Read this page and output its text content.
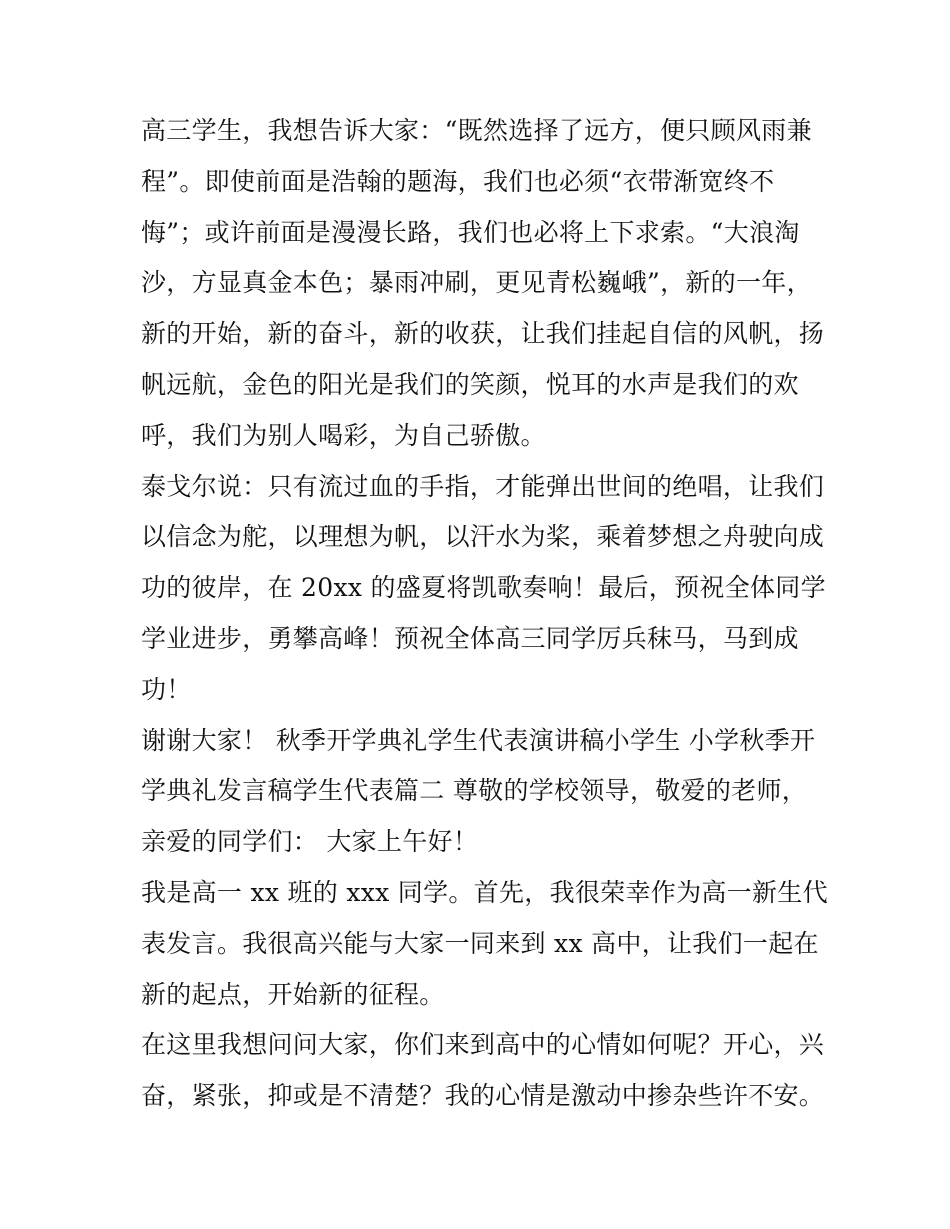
高三学生，我想告诉大家：“既然选择了远方，便只顾风雨兼
程”。即使前面是浩翰的题海，我们也必须“衣带渐宽终不
悔”；或许前面是漫漫长路，我们也必将上下求索。“大浪淘
沙，方显真金本色；暴雨冲刷，更见青松巍峨”，新的一年，
新的开始，新的奋斗，新的收获，让我们挂起自信的风帆，扬
帆远航，金色的阳光是我们的笑颜，悦耳的水声是我们的欢
呼，我们为别人喝彩，为自己骄傲。
泰戈尔说：只有流过血的手指，才能弹出世间的绝唱，让我们
以信念为舵，以理想为帆，以汗水为桨，乘着梦想之舟驶向成
功的彼岸，在 20xx 的盛夏将凯歌奏响！最后，预祝全体同学
学业进步，勇攀高峰！预祝全体高三同学厉兵秣马，马到成
功！
谢谢大家！ 秋季开学典礼学生代表演讲稿小学生 小学秋季开
学典礼发言稿学生代表篇二 尊敬的学校领导，敬爱的老师，
亲爱的同学们： 大家上午好！
我是高一 xx 班的 xxx 同学。首先，我很荣幸作为高一新生代
表发言。我很高兴能与大家一同来到 xx 高中，让我们一起在
新的起点，开始新的征程。
在这里我想问问大家，你们来到高中的心情如何呢？开心，兴
奋，紧张，抑或是不清楚？我的心情是激动中掺杂些许不安。
